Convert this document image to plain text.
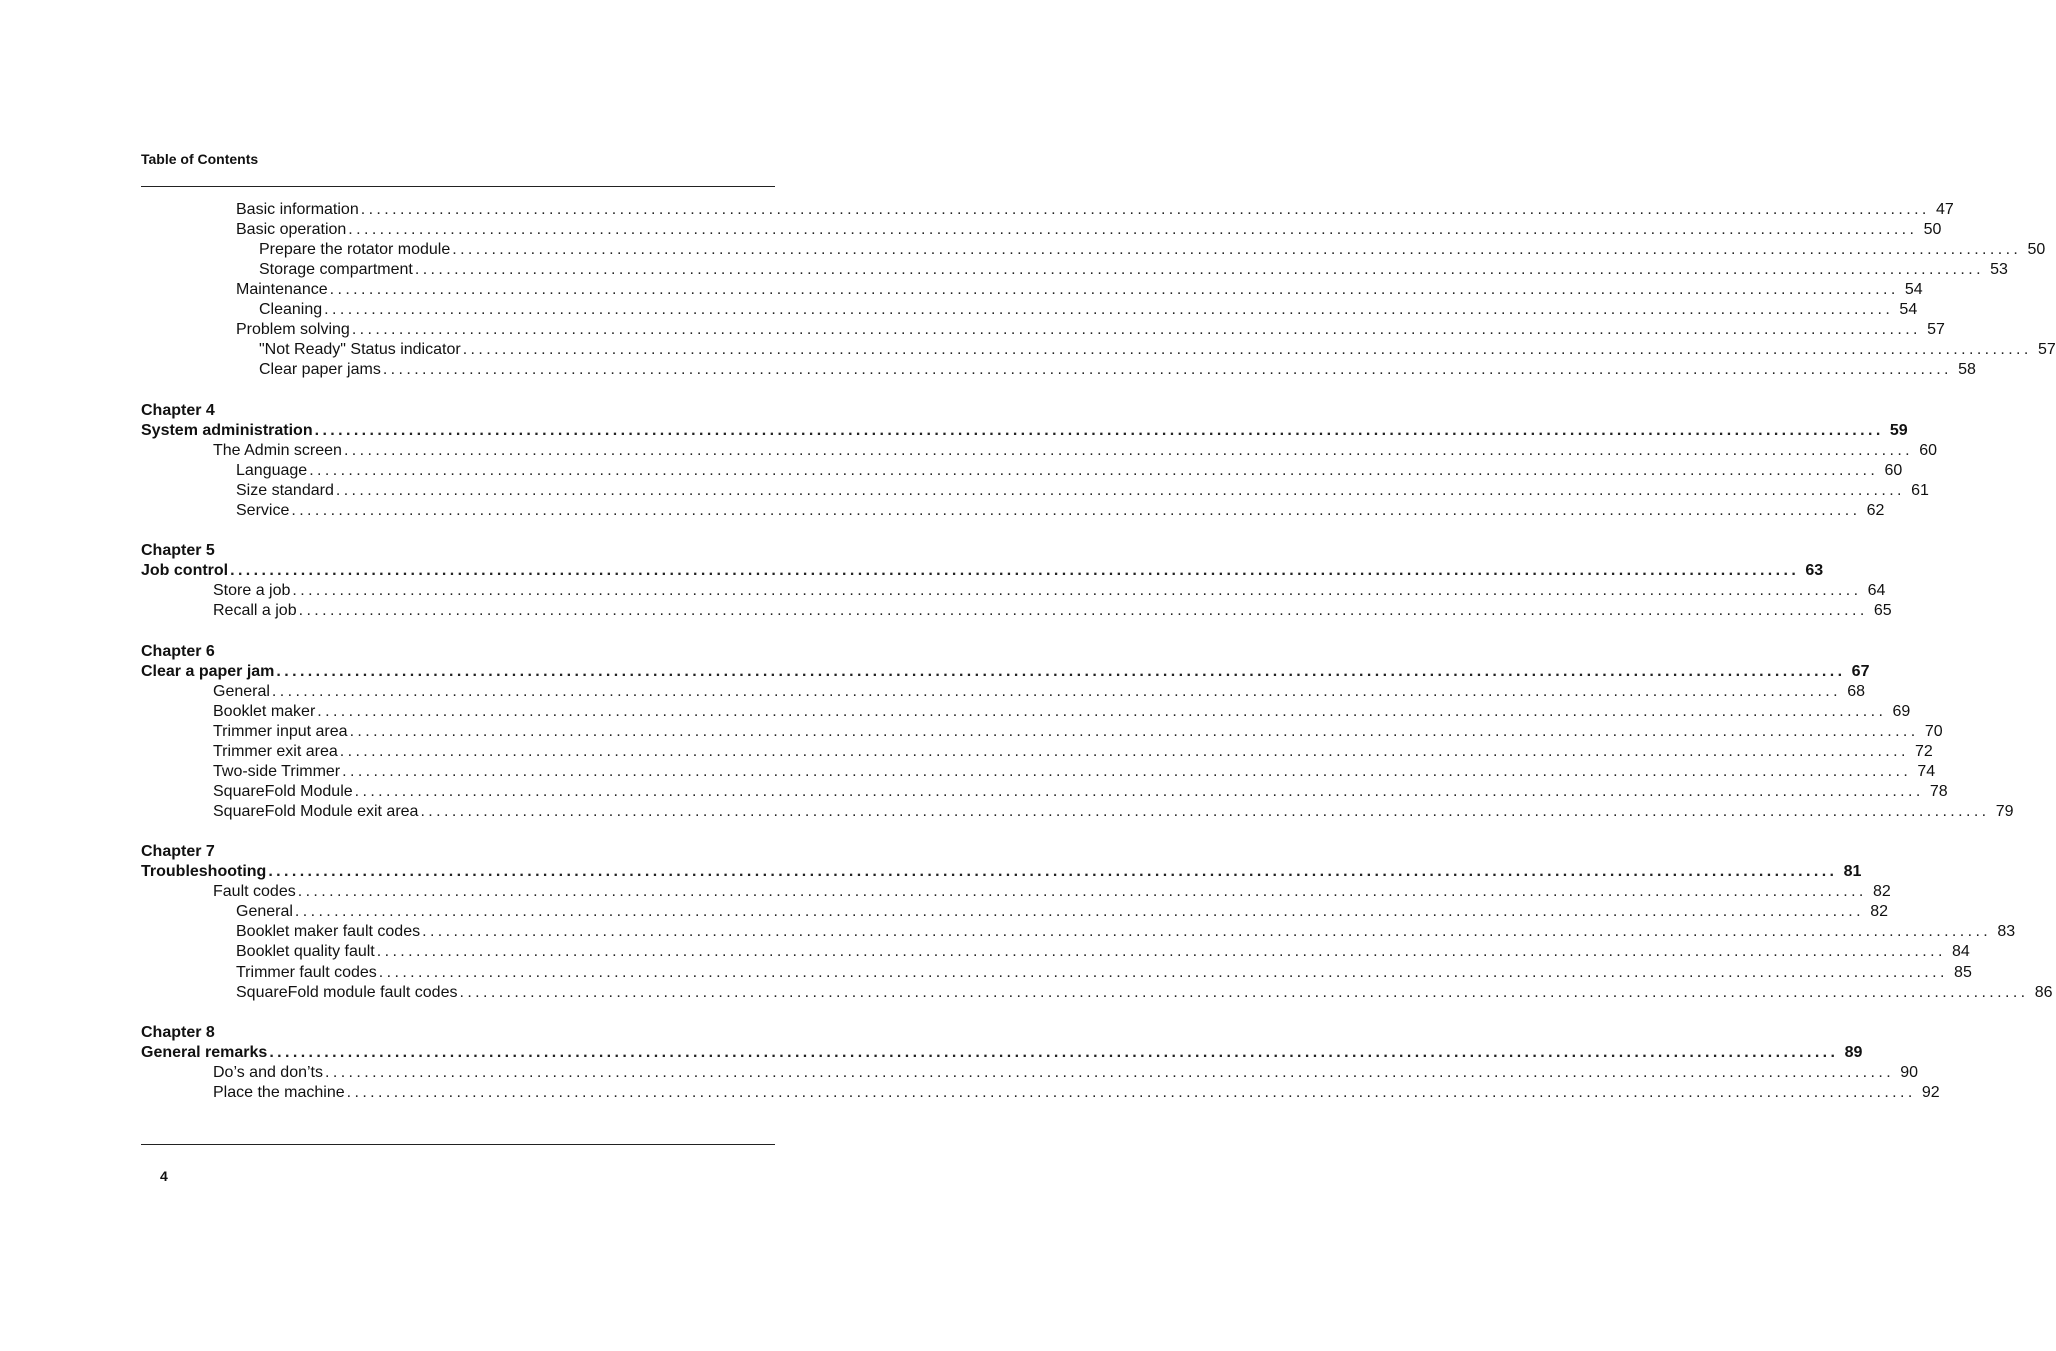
Table of Contents
Basic information ........................................................................................................................................................................................................ 47
Basic operation ........................................................................................................................................................................................................ 50
Prepare the rotator module ........................................................................................................................................................................................................ 50
Storage compartment ........................................................................................................................................................................................................ 53
Maintenance ........................................................................................................................................................................................................ 54
Cleaning ........................................................................................................................................................................................................ 54
Problem solving ........................................................................................................................................................................................................ 57
"Not Ready" Status indicator ........................................................................................................................................................................................................ 57
Clear paper jams ........................................................................................................................................................................................................ 58
Chapter 4
System administration ........................................................................................................................................................................................................ 59
The Admin screen ........................................................................................................................................................................................................ 60
Language ........................................................................................................................................................................................................ 60
Size standard ........................................................................................................................................................................................................ 61
Service ........................................................................................................................................................................................................ 62
Chapter 5
Job control ........................................................................................................................................................................................................ 63
Store a job ........................................................................................................................................................................................................ 64
Recall a job ........................................................................................................................................................................................................ 65
Chapter 6
Clear a paper jam ........................................................................................................................................................................................................ 67
General ........................................................................................................................................................................................................ 68
Booklet maker ........................................................................................................................................................................................................ 69
Trimmer input area ........................................................................................................................................................................................................ 70
Trimmer exit area ........................................................................................................................................................................................................ 72
Two-side Trimmer ........................................................................................................................................................................................................ 74
SquareFold Module ........................................................................................................................................................................................................ 78
SquareFold Module exit area ........................................................................................................................................................................................................ 79
Chapter 7
Troubleshooting ........................................................................................................................................................................................................ 81
Fault codes ........................................................................................................................................................................................................ 82
General ........................................................................................................................................................................................................ 82
Booklet maker fault codes ........................................................................................................................................................................................................ 83
Booklet quality fault ........................................................................................................................................................................................................ 84
Trimmer fault codes ........................................................................................................................................................................................................ 85
SquareFold module fault codes ........................................................................................................................................................................................................ 86
Chapter 8
General remarks ........................................................................................................................................................................................................ 89
Do’s and don’ts ........................................................................................................................................................................................................ 90
Place the machine ........................................................................................................................................................................................................ 92
4
